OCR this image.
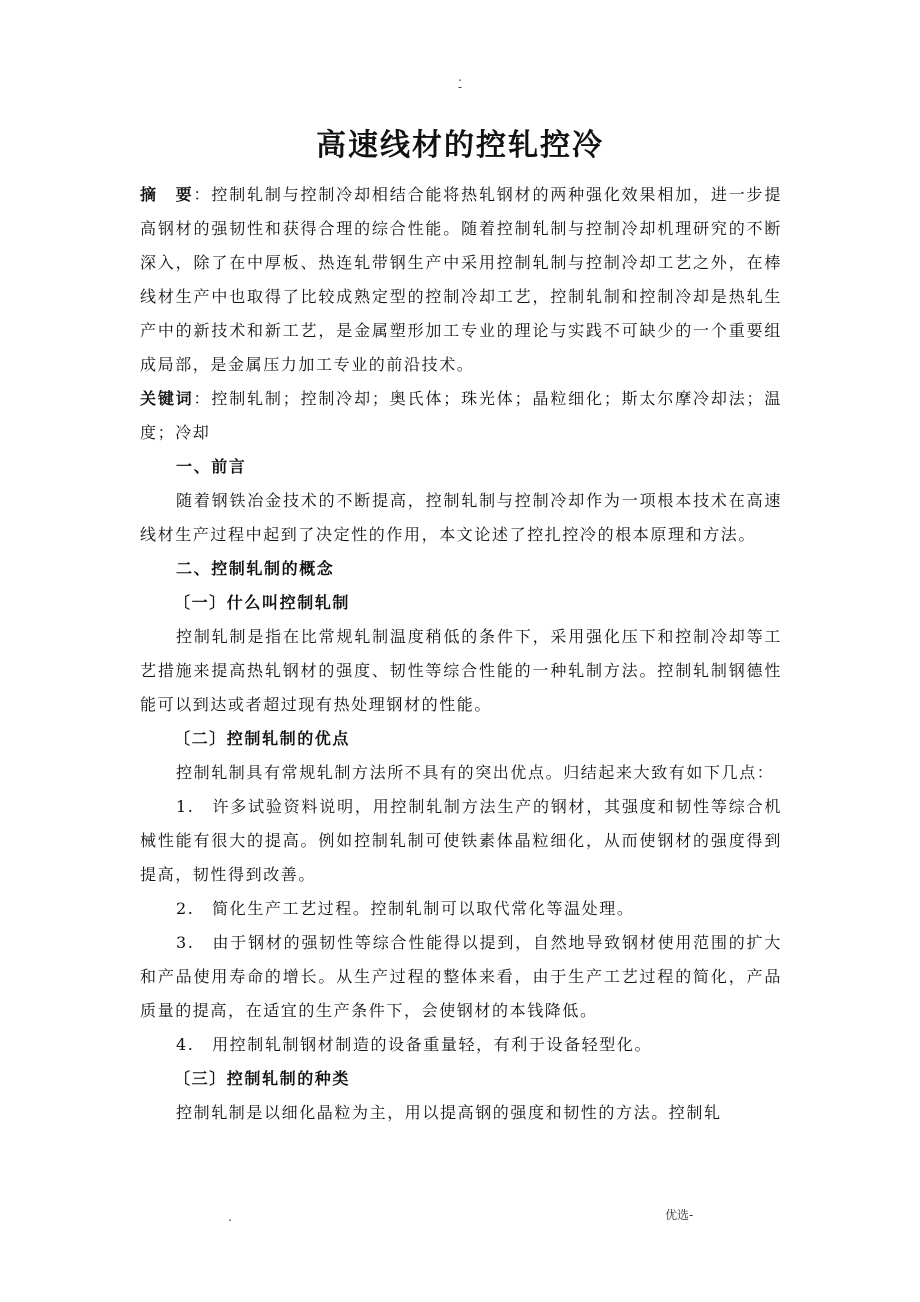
.
-
高速线材的控轧控冷

摘　要：控制轧制与控制冷却相结合能将热轧钢材的两种强化效果相加，进一步提高钢材的强韧性和获得合理的综合性能。随着控制轧制与控制冷却机理研究的不断深入，除了在中厚板、热连轧带钢生产中采用控制轧制与控制冷却工艺之外，在棒线材生产中也取得了比较成熟定型的控制冷却工艺，控制轧制和控制冷却是热轧生产中的新技术和新工艺，是金属塑形加工专业的理论与实践不可缺少的一个重要组成局部，是金属压力加工专业的前沿技术。

关键词：控制轧制；控制冷却；奥氏体；珠光体；晶粒细化；斯太尔摩冷却法；温度；冷却

一、前言

随着钢铁冶金技术的不断提高，控制轧制与控制冷却作为一项根本技术在高速线材生产过程中起到了决定性的作用，本文论述了控扎控冷的根本原理和方法。

二、控制轧制的概念

〔一〕什么叫控制轧制

控制轧制是指在比常规轧制温度稍低的条件下，采用强化压下和控制冷却等工艺措施来提高热轧钢材的强度、韧性等综合性能的一种轧制方法。控制轧制钢德性能可以到达或者超过现有热处理钢材的性能。

〔二〕控制轧制的优点

控制轧制具有常规轧制方法所不具有的突出优点。归结起来大致有如下几点：

1.　许多试验资料说明，用控制轧制方法生产的钢材，其强度和韧性等综合机械性能有很大的提高。例如控制轧制可使铁素体晶粒细化，从而使钢材的强度得到提高，韧性得到改善。

2.　简化生产工艺过程。控制轧制可以取代常化等温处理。

3.　由于钢材的强韧性等综合性能得以提到，自然地导致钢材使用范围的扩大和产品使用寿命的增长。从生产过程的整体来看，由于生产工艺过程的简化，产品质量的提高，在适宜的生产条件下，会使钢材的本钱降低。

4.　用控制轧制钢材制造的设备重量轻，有利于设备轻型化。

〔三〕控制轧制的种类

控制轧制是以细化晶粒为主，用以提高钢的强度和韧性的方法。控制轧

.	优选-
